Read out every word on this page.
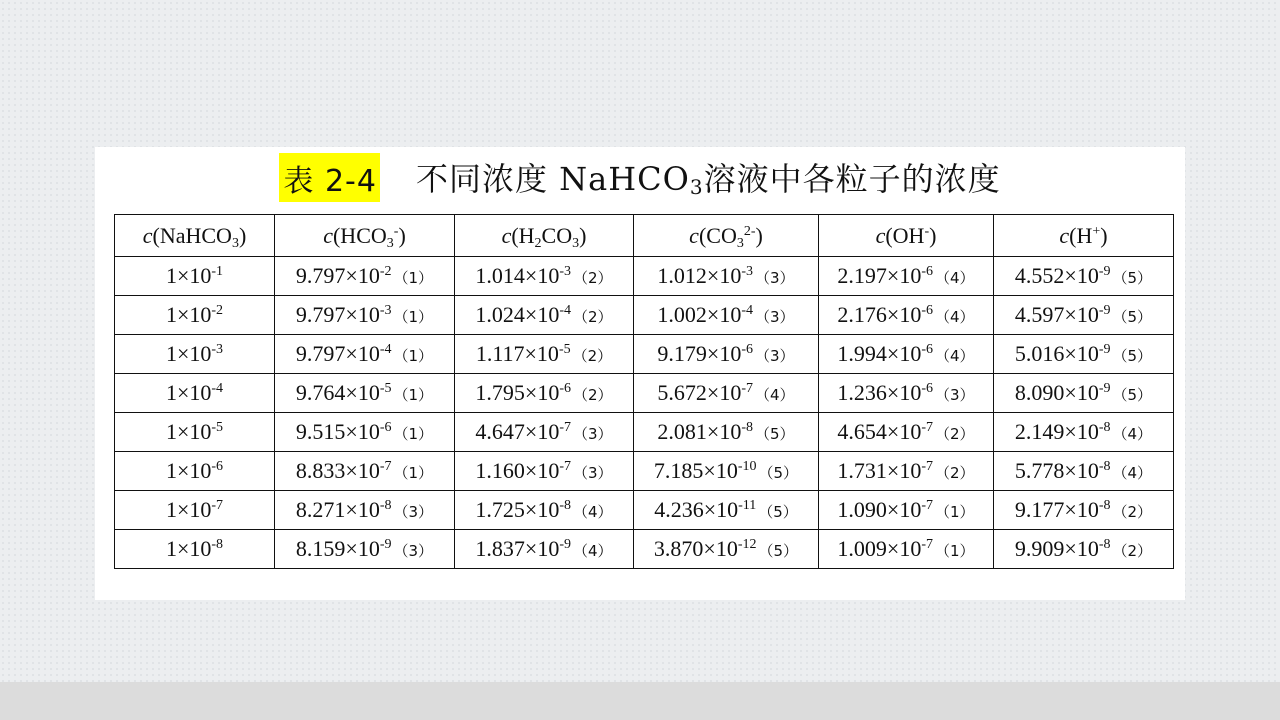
表 2-4 不同浓度 NaHCO$_3$溶液中各粒子的浓度
c(NaHCO$_3$)	$c(HCO_3^-)$	$c(H_2CO_3)$	$c(CO_3^{2-})$	c(OH-)	c(H+)
$1\times 10^{-1}$	$9.797\times 10^{-2}$ （1）	$1.014\times 10^{-3}$ （2）	$1.012\times 10^{-3}$ （3）	$2.197\times 10^{-6}$ （4）	$4.552\times 10^{-9}$ （5）
$1\times 10^{-2}$	$9.797\times 10^{-3}$ （1）	$1.024\times 10^{-4}$ （2）	$1.002\times 10^{-4}$ （3）	$2.176\times 10^{-6}$ （4）	$4.597\times 10^{-9}$ （5）
$1\times 10^{-3}$	$9.797\times 10^{-4}$ （1）	$1.117\times 10^{-5}$ （2）	$9.179\times 10^{-6}$ （3）	$1.994\times 10^{-6}$ （4）	$5.016\times 10^{-9}$ （5）
$1\times 10^{-4}$	$9.764\times 10^{-5}$ （1）	$1.795\times 10^{-6}$ （2）	$5.672\times 10^{-7}$ （4）	$1.236\times 10^{-6}$ （3）	$8.090\times 10^{-9}$ （5）
$1\times 10^{-5}$	$9.515\times 10^{-6}$ （1）	$4.647\times 10^{-7}$ （3）	$2.081\times 10^{-8}$ （5）	$4.654\times 10^{-7}$ （2）	$2.149\times 10^{-8}$ （4）
$1\times 10^{-6}$	$8.833\times 10^{-7}$ （1）	$1.160\times 10^{-7}$ （3）	$7.185\times 10^{-10}$ （5）	$1.731\times 10^{-7}$ （2）	$5.778\times 10^{-8}$ （4）
$1\times 10^{-7}$	$8.271\times 10^{-8}$ （3）	$1.725\times 10^{-8}$ （4）	$4.236\times 10^{-11}$ （5）	$1.090\times 10^{-7}$ （1）	$9.177\times 10^{-8}$ （2）
$1\times 10^{-8}$	$8.159\times 10^{-9}$ （3）	$1.837\times 10^{-9}$ （4）	$3.870\times 10^{-12}$ （5）	$1.009\times 10^{-7}$ （1）	$9.909\times 10^{-8}$ （2）
